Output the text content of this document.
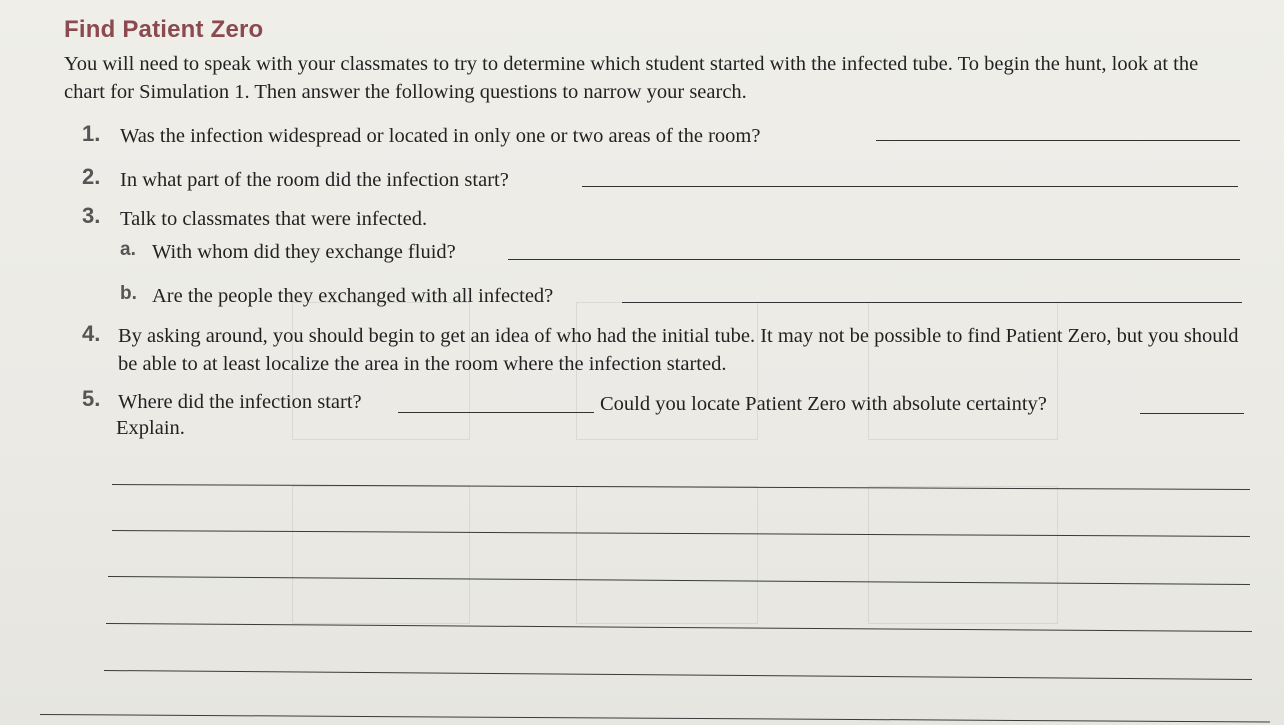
Find Patient Zero
You will need to speak with your classmates to try to determine which student started with the infected tube. To begin the hunt, look at the chart for Simulation 1. Then answer the following questions to narrow your search.
1. Was the infection widespread or located in only one or two areas of the room?
2. In what part of the room did the infection start?
3. Talk to classmates that were infected.
a. With whom did they exchange fluid?
b. Are the people they exchanged with all infected?
4. By asking around, you should begin to get an idea of who had the initial tube. It may not be possible to find Patient Zero, but you should be able to at least localize the area in the room where the infection started.
5. Where did the infection start?	Could you locate Patient Zero with absolute certainty?
Explain.
